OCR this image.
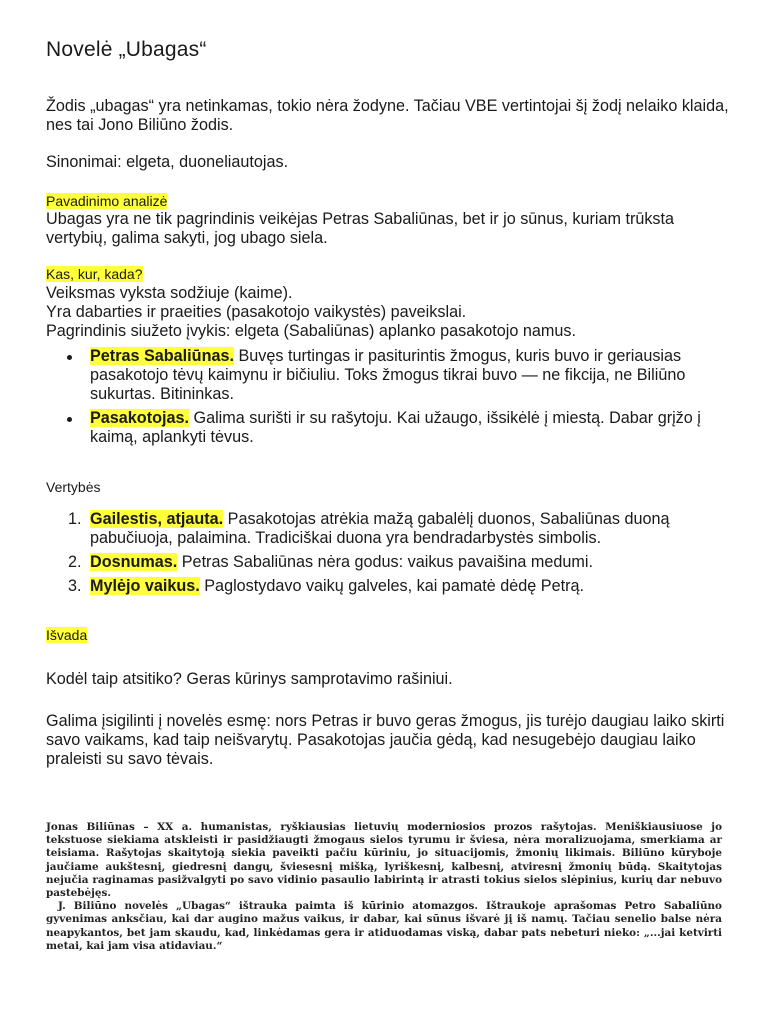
Novelė „Ubagas“
Žodis „ubagas“ yra netinkamas, tokio nėra žodyne. Tačiau VBE vertintojai šį žodį nelaiko klaida, nes tai Jono Biliūno žodis.
Sinonimai: elgeta, duoneliautojas.
Pavadinimo analizė
Ubagas yra ne tik pagrindinis veikėjas Petras Sabaliūnas, bet ir jo sūnus, kuriam trūksta vertybių, galima sakyti, jog ubago siela.
Kas, kur, kada?
Veiksmas vyksta sodžiuje (kaime).
Yra dabarties ir praeities (pasakotojo vaikystės) paveikslai.
Pagrindinis siužeto įvykis: elgeta (Sabaliūnas) aplanko pasakotojo namus.
Petras Sabaliūnas. Buvęs turtingas ir pasiturintis žmogus, kuris buvo ir geriausias pasakotojo tėvų kaimynu ir bičiuliu. Toks žmogus tikrai buvo — ne fikcija, ne Biliūno sukurtas. Bitininkas.
Pasakotojas. Galima surišti ir su rašytoju. Kai užaugo, išsikėlė į miestą. Dabar grįžo į kaimą, aplankyti tėvus.
Vertybės
1. Gailestis, atjauta. Pasakotojas atrėkia mažą gabalėlį duonos, Sabaliūnas duoną pabučiuoja, palaimina. Tradiciškai duona yra bendradarbystės simbolis.
2. Dosnumas. Petras Sabaliūnas nėra godus: vaikus pavaišina medumi.
3. Mylėjo vaikus. Paglostydavo vaikų galveles, kai pamatė dėdę Petrą.
Išvada
Kodėl taip atsitiko? Geras kūrinys samprotavimo rašiniui.
Galima įsigilinti į novelės esmę: nors Petras ir buvo geras žmogus, jis turėjo daugiau laiko skirti savo vaikams, kad taip neišvarytų. Pasakotojas jaučia gėdą, kad nesugebėjo daugiau laiko praleisti su savo tėvais.
Jonas Biliūnas – XX a. humanistas, ryškiausias lietuvių moderniosios prozos rašytojas. Meniškiausiuose jo tekstuose siekiama atskleisti ir pasidžiaugti žmogaus sielos tyrumu ir šviesa, nėra moralizuojama, smerkiama ar teisiama. Rašytojas skaitytoją siekia paveikti pačiu kūriniu, jo situacijomis, žmonių likimais. Biliūno kūryboje jaučiame aukštesnį, giedresnį dangų, šviesesnį mišką, lyriškesnį, kalbesnį, atviresnį žmonių būdą. Skaitytojas nejučia raginamas pasižvalgyti po savo vidinio pasaulio labirintą ir atrasti tokius sielos slėpinius, kurių dar nebuvo pastebėjęs.
J. Biliūno novelės „Ubagas“ ištrauka paimta iš kūrinio atomazgos. Ištraukoje aprašomas Petro Sabaliūno gyvenimas anksčiau, kai dar augino mažus vaikus, ir dabar, kai sūnus išvarė jį iš namų. Tačiau senelio balse nėra neapykantos, bet jam skaudu, kad, linkėdamas gera ir atiduodamas viską, dabar pats nebeturi nieko: „...jai ketvirti metai, kai jam visa atidaviau.“
